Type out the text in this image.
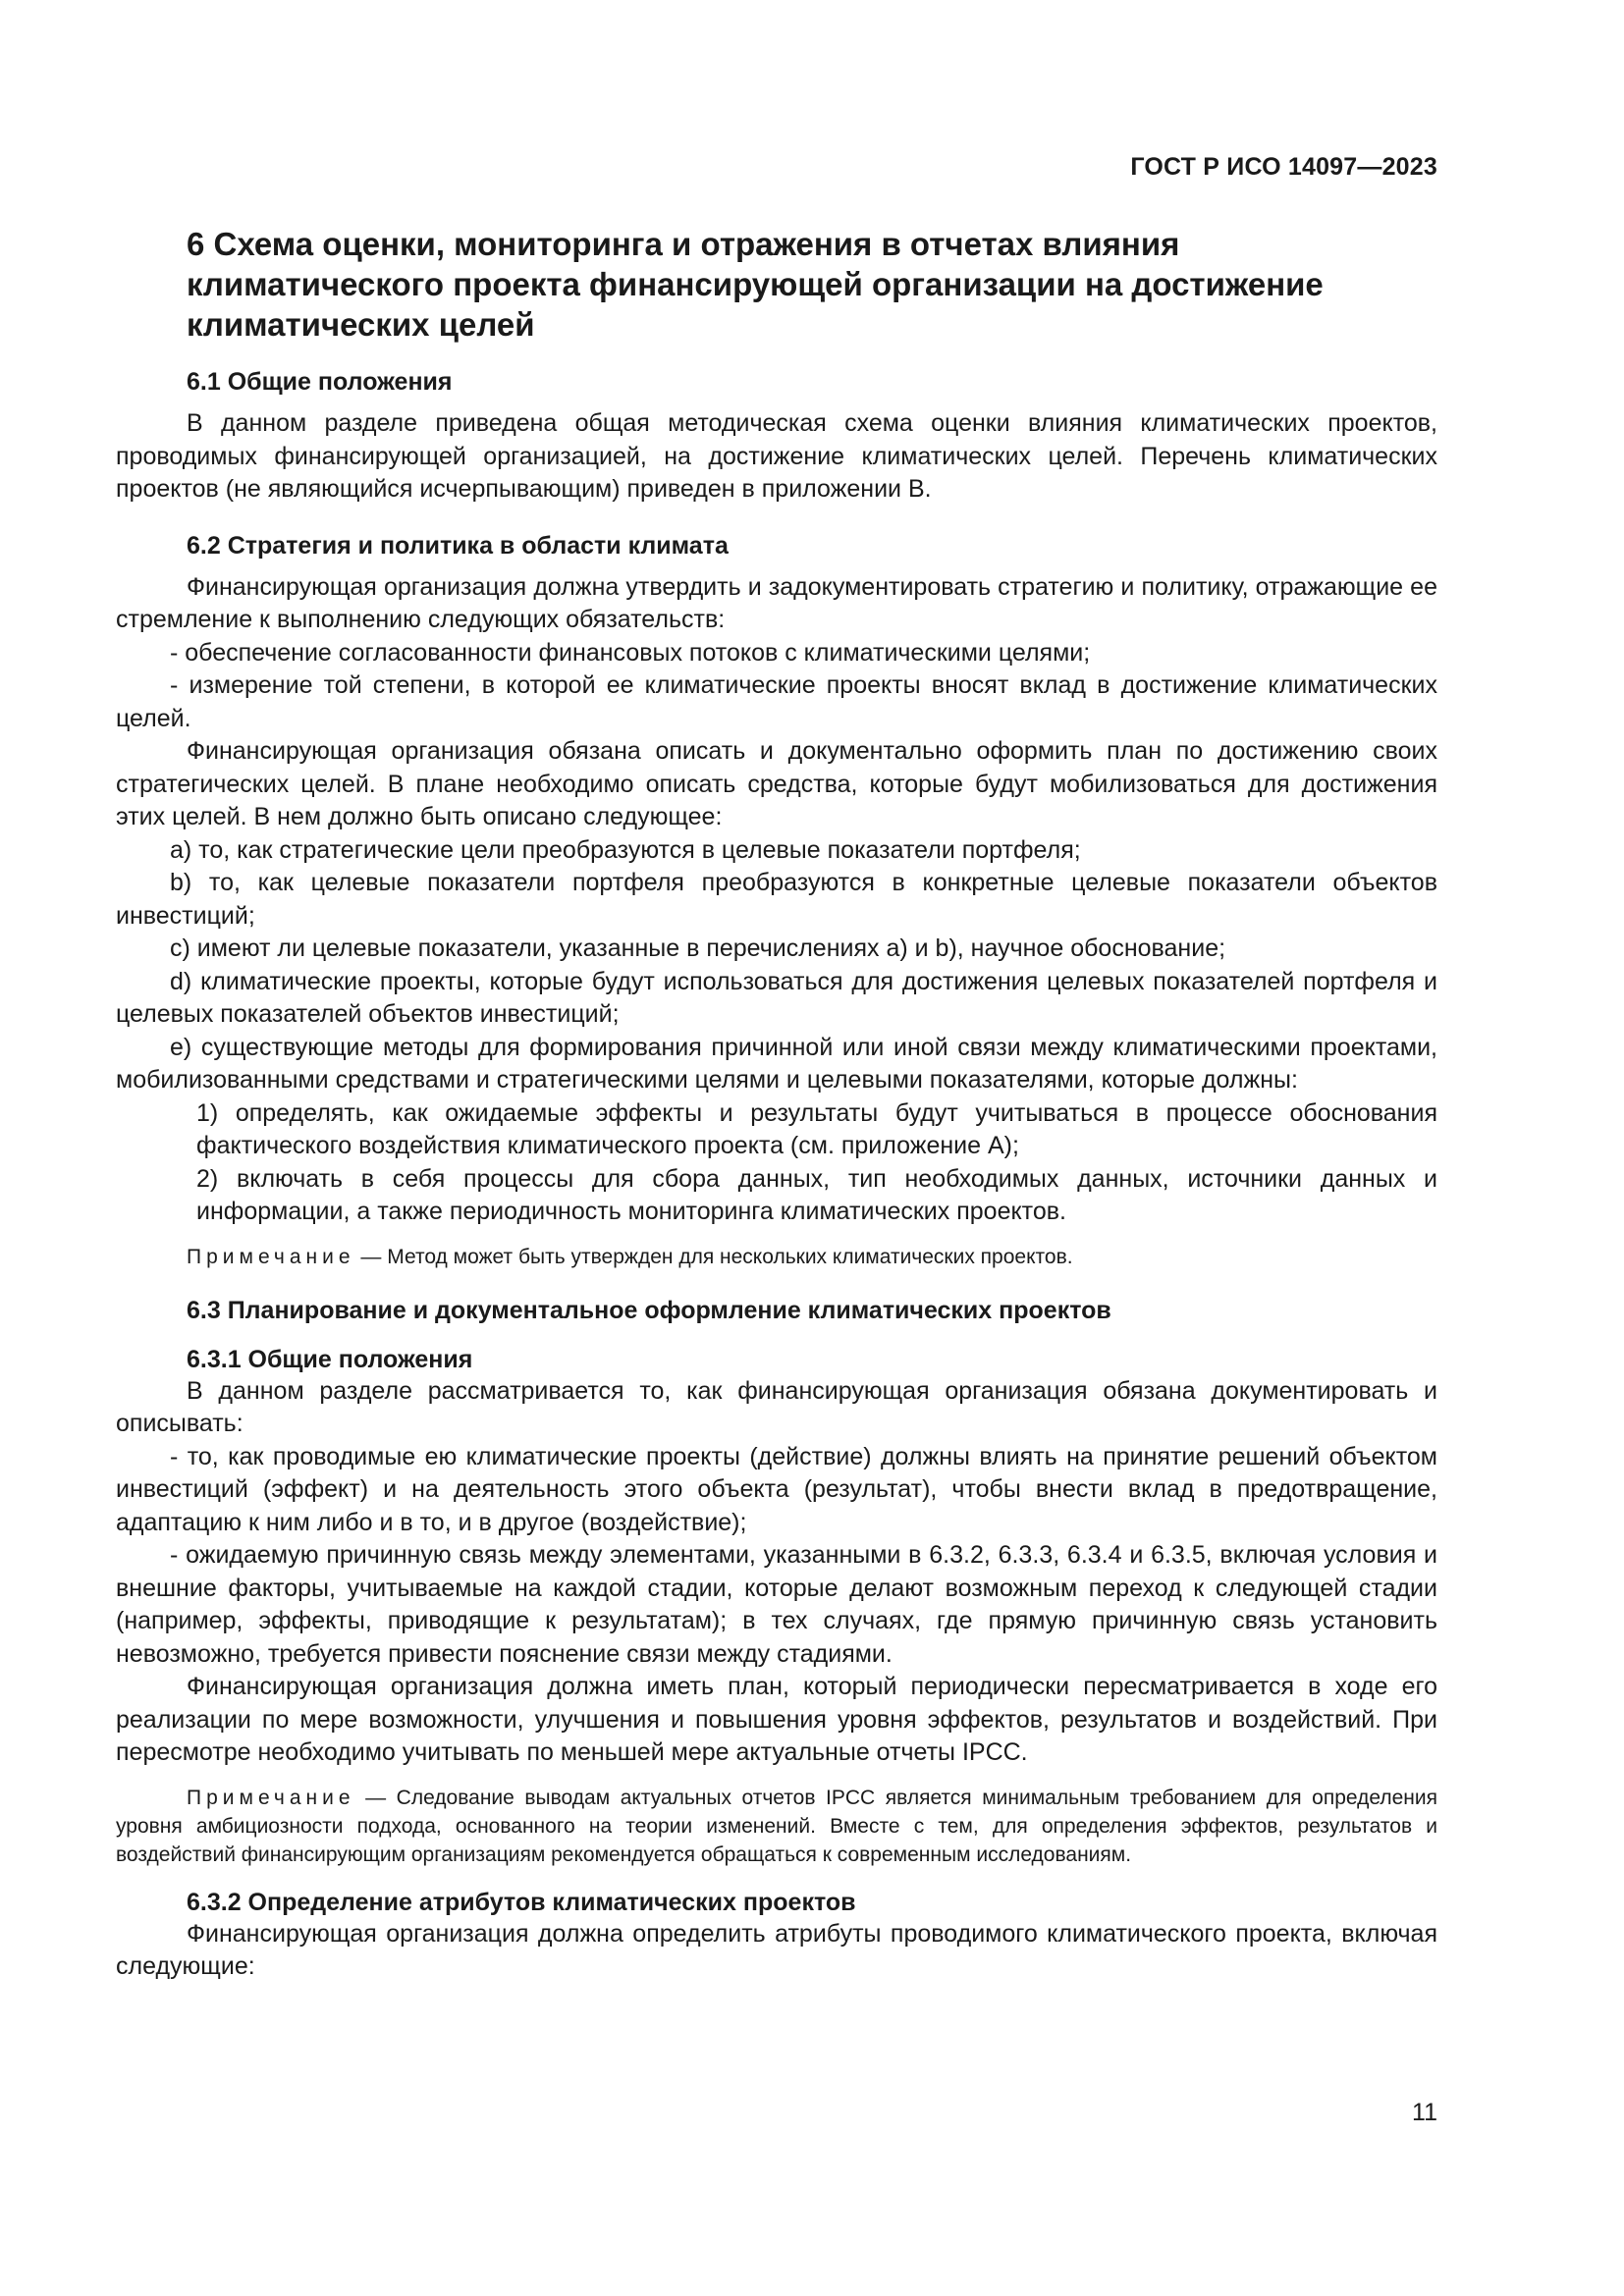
ГОСТ Р ИСО 14097—2023
6 Схема оценки, мониторинга и отражения в отчетах влияния климатического проекта финансирующей организации на достижение климатических целей
6.1 Общие положения

В данном разделе приведена общая методическая схема оценки влияния климатических проектов, проводимых финансирующей организацией, на достижение климатических целей. Перечень климатических проектов (не являющийся исчерпывающим) приведен в приложении В.

6.2 Стратегия и политика в области климата

Финансирующая организация должна утвердить и задокументировать стратегию и политику, отражающие ее стремление к выполнению следующих обязательств:

- обеспечение согласованности финансовых потоков с климатическими целями;

- измерение той степени, в которой ее климатические проекты вносят вклад в достижение климатических целей.

Финансирующая организация обязана описать и документально оформить план по достижению своих стратегических целей. В плане необходимо описать средства, которые будут мобилизоваться для достижения этих целей. В нем должно быть описано следующее:

а) то, как стратегические цели преобразуются в целевые показатели портфеля;

b) то, как целевые показатели портфеля преобразуются в конкретные целевые показатели объектов инвестиций;

с) имеют ли целевые показатели, указанные в перечислениях а) и b), научное обоснование;

d) климатические проекты, которые будут использоваться для достижения целевых показателей портфеля и целевых показателей объектов инвестиций;

е) существующие методы для формирования причинной или иной связи между климатическими проектами, мобилизованными средствами и стратегическими целями и целевыми показателями, которые должны:

1) определять, как ожидаемые эффекты и результаты будут учитываться в процессе обоснования фактического воздействия климатического проекта (см. приложение А);

2) включать в себя процессы для сбора данных, тип необходимых данных, источники данных и информации, а также периодичность мониторинга климатических проектов.

Примечание — Метод может быть утвержден для нескольких климатических проектов.

6.3 Планирование и документальное оформление климатических проектов
6.3.1 Общие положения

В данном разделе рассматривается то, как финансирующая организация обязана документировать и описывать:

- то, как проводимые ею климатические проекты (действие) должны влиять на принятие решений объектом инвестиций (эффект) и на деятельность этого объекта (результат), чтобы внести вклад в предотвращение, адаптацию к ним либо и в то, и в другое (воздействие);

- ожидаемую причинную связь между элементами, указанными в 6.3.2, 6.3.3, 6.3.4 и 6.3.5, включая условия и внешние факторы, учитываемые на каждой стадии, которые делают возможным переход к следующей стадии (например, эффекты, приводящие к результатам); в тех случаях, где прямую причинную связь установить невозможно, требуется привести пояснение связи между стадиями.

Финансирующая организация должна иметь план, который периодически пересматривается в ходе его реализации по мере возможности, улучшения и повышения уровня эффектов, результатов и воздействий. При пересмотре необходимо учитывать по меньшей мере актуальные отчеты IPCC.

Примечание — Следование выводам актуальных отчетов IPCC является минимальным требованием для определения уровня амбициозности подхода, основанного на теории изменений. Вместе с тем, для определения эффектов, результатов и воздействий финансирующим организациям рекомендуется обращаться к современным исследованиям.

6.3.2 Определение атрибутов климатических проектов

Финансирующая организация должна определить атрибуты проводимого климатического проекта, включая следующие:

11
